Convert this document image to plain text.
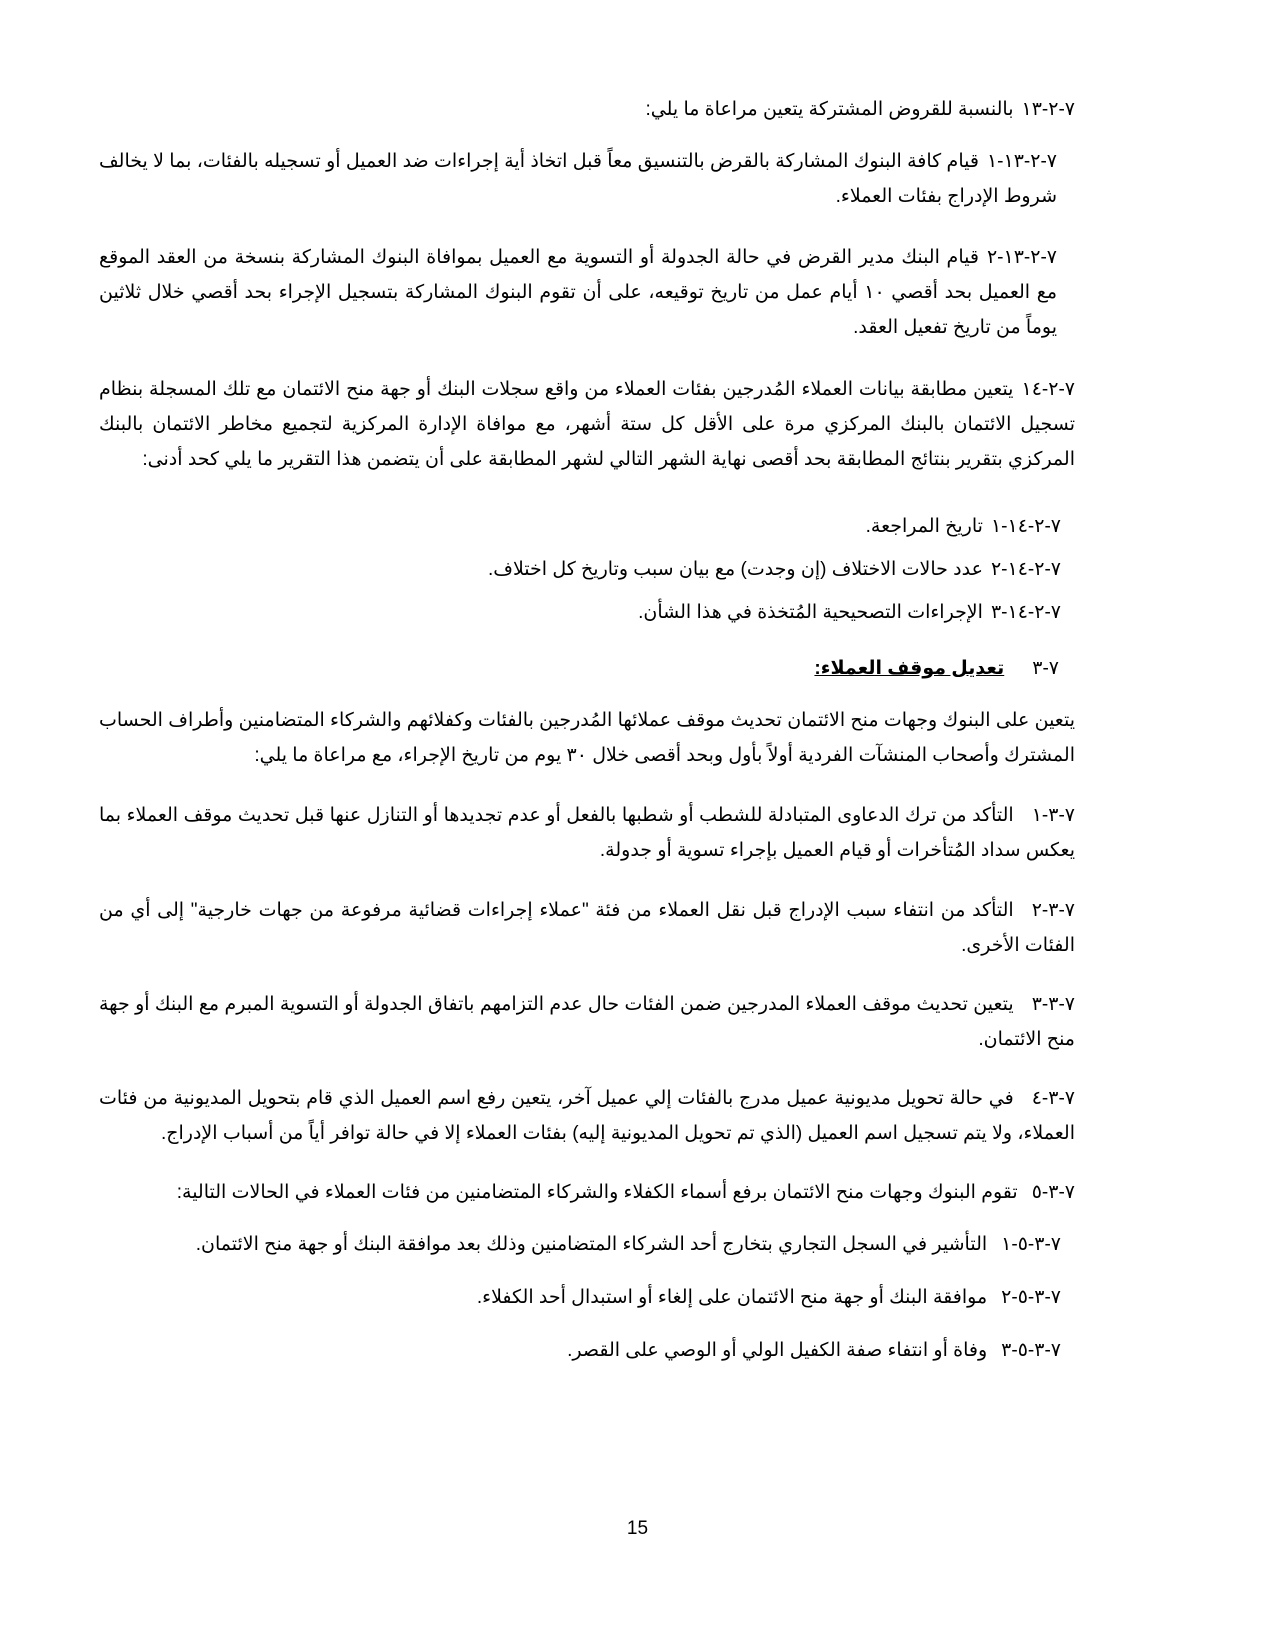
٧-٢-١٣بالنسبة للقروض المشتركة يتعين مراعاة ما يلي:
٧-٢-١٣-١قيام كافة البنوك المشاركة بالقرض بالتنسيق معاً قبل اتخاذ أية إجراءات ضد العميل أو تسجيله بالفئات، بما لا يخالف شروط الإدراج بفئات العملاء.
٧-٢-١٣-٢قيام البنك مدير القرض في حالة الجدولة أو التسوية مع العميل بموافاة البنوك المشاركة بنسخة من العقد الموقع مع العميل بحد أقصي ١٠ أيام عمل من تاريخ توقيعه، على أن تقوم البنوك المشاركة بتسجيل الإجراء بحد أقصي خلال ثلاثين يوماً من تاريخ تفعيل العقد.
٧-٢-١٤يتعين مطابقة بيانات العملاء المُدرجين بفئات العملاء من واقع سجلات البنك أو جهة منح الائتمان مع تلك المسجلة بنظام تسجيل الائتمان بالبنك المركزي مرة على الأقل كل ستة أشهر، مع موافاة الإدارة المركزية لتجميع مخاطر الائتمان بالبنك المركزي بتقرير بنتائج المطابقة بحد أقصى نهاية الشهر التالي لشهر المطابقة على أن يتضمن هذا التقرير ما يلي كحد أدنى:
٧-٢-١٤-١تاريخ المراجعة.
٧-٢-١٤-٢عدد حالات الاختلاف (إن وجدت) مع بيان سبب وتاريخ كل اختلاف.
٧-٢-١٤-٣الإجراءات التصحيحية المُتخذة في هذا الشأن.
٧-٣تعديل موقف العملاء:
يتعين على البنوك وجهات منح الائتمان تحديث موقف عملائها المُدرجين بالفئات وكفلائهم والشركاء المتضامنين وأطراف الحساب المشترك وأصحاب المنشآت الفردية أولاً بأول وبحد أقصى خلال ٣٠ يوم من تاريخ الإجراء، مع مراعاة ما يلي:
٧-٣-١التأكد من ترك الدعاوى المتبادلة للشطب أو شطبها بالفعل أو عدم تجديدها أو التنازل عنها قبل تحديث موقف العملاء بما يعكس سداد المُتأخرات أو قيام العميل بإجراء تسوية أو جدولة.
٧-٣-٢التأكد من انتفاء سبب الإدراج قبل نقل العملاء من فئة "عملاء إجراءات قضائية مرفوعة من جهات خارجية" إلى أي من الفئات الأخرى.
٧-٣-٣يتعين تحديث موقف العملاء المدرجين ضمن الفئات حال عدم التزامهم باتفاق الجدولة أو التسوية المبرم مع البنك أو جهة منح الائتمان.
٧-٣-٤في حالة تحويل مديونية عميل مدرج بالفئات إلي عميل آخر، يتعين رفع اسم العميل الذي قام بتحويل المديونية من فئات العملاء، ولا يتم تسجيل اسم العميل (الذي تم تحويل المديونية إليه) بفئات العملاء إلا في حالة توافر أياً من أسباب الإدراج.
٧-٣-٥تقوم البنوك وجهات منح الائتمان برفع أسماء الكفلاء والشركاء المتضامنين من فئات العملاء في الحالات التالية:
٧-٣-٥-١التأشير في السجل التجاري بتخارج أحد الشركاء المتضامنين وذلك بعد موافقة البنك أو جهة منح الائتمان.
٧-٣-٥-٢موافقة البنك أو جهة منح الائتمان على إلغاء أو استبدال أحد الكفلاء.
٧-٣-٥-٣وفاة أو انتفاء صفة الكفيل الولي أو الوصي على القصر.
15
